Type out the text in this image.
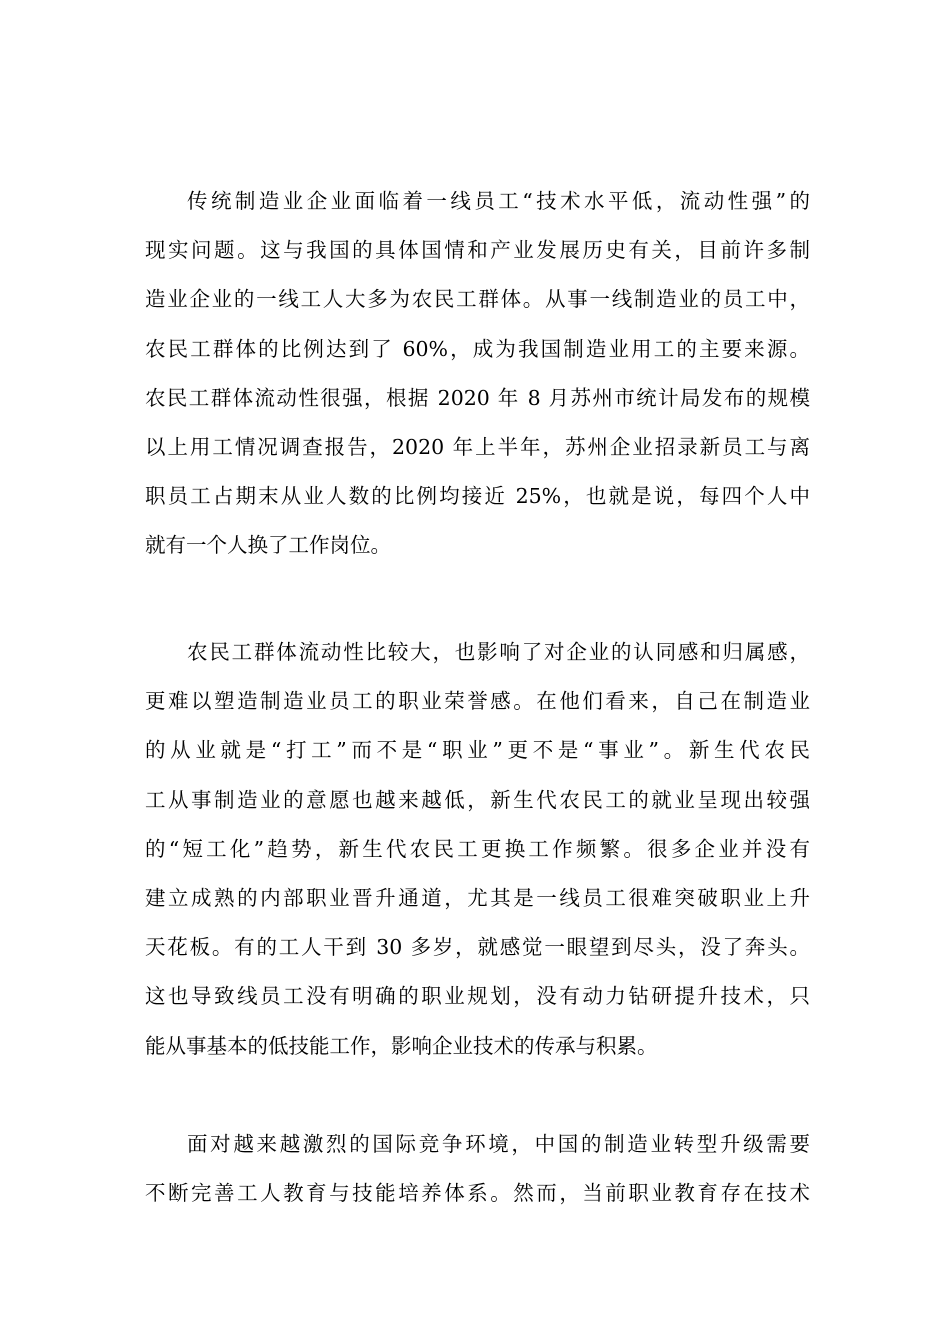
传统制造业企业面临着一线员工“技术水平低，流动性强”的
现实问题。这与我国的具体国情和产业发展历史有关，目前许多制
造业企业的一线工人大多为农民工群体。从事一线制造业的员工中，
农民工群体的比例达到了 60%，成为我国制造业用工的主要来源。
农民工群体流动性很强，根据 2020 年 8 月苏州市统计局发布的规模
以上用工情况调查报告，2020 年上半年，苏州企业招录新员工与离
职员工占期末从业人数的比例均接近 25%，也就是说，每四个人中
就有一个人换了工作岗位。
农民工群体流动性比较大，也影响了对企业的认同感和归属感，
更难以塑造制造业员工的职业荣誉感。在他们看来，自己在制造业
的从业就是“打工”而不是“职业”更不是“事业”。新生代农民
工从事制造业的意愿也越来越低，新生代农民工的就业呈现出较强
的“短工化”趋势，新生代农民工更换工作频繁。很多企业并没有
建立成熟的内部职业晋升通道，尤其是一线员工很难突破职业上升
天花板。有的工人干到 30 多岁，就感觉一眼望到尽头，没了奔头。
这也导致线员工没有明确的职业规划，没有动力钻研提升技术，只
能从事基本的低技能工作，影响企业技术的传承与积累。
面对越来越激烈的国际竞争环境，中国的制造业转型升级需要
不断完善工人教育与技能培养体系。然而，当前职业教育存在技术
